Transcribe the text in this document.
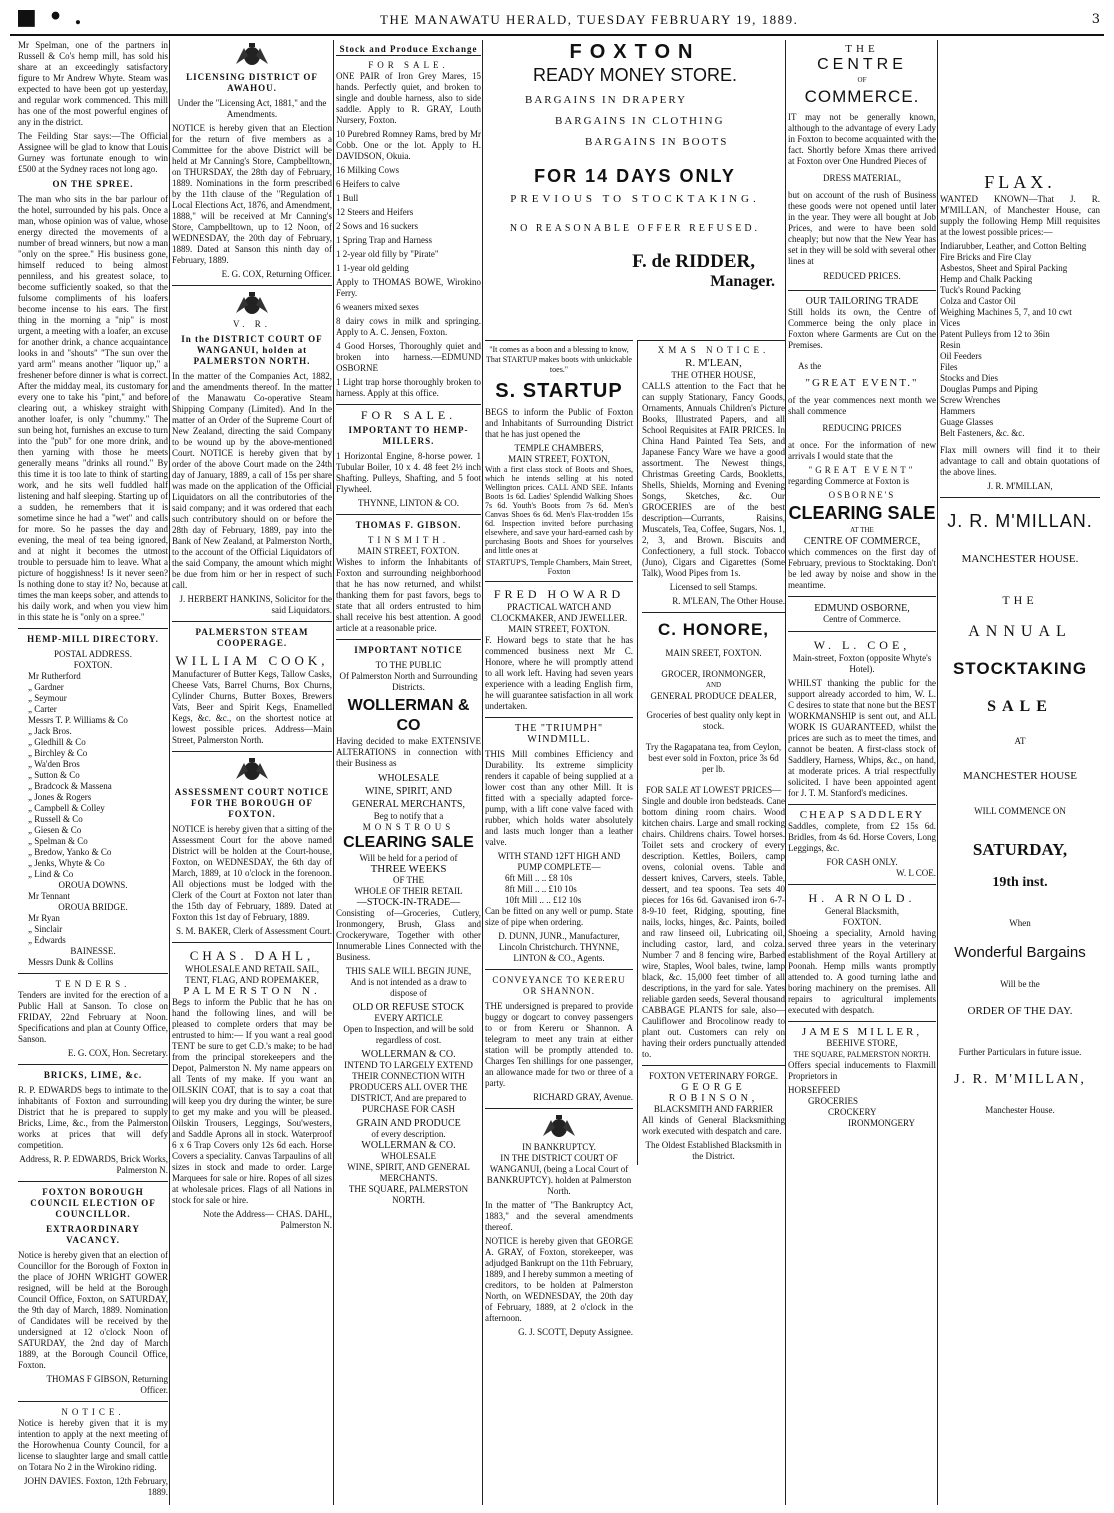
■ • .	THE MANAWATU HERALD, TUESDAY FEBRUARY 19, 1889.	3

Mr Spelman, one of the partners in Russell & Co's hemp mill, has sold his share at an exceedingly satisfactory figure to Mr Andrew Whyte. Steam was expected to have been got up yesterday, and regular work commenced. This mill has one of the most powerful engines of any in the district.

The Feilding Star says:—The Official Assignee will be glad to know that Louis Gurney was fortunate enough to win £500 at the Sydney races not long ago.

ON THE SPREE.

The man who sits in the bar parlour of the hotel, surrounded by his pals. Once a man, whose opinion was of value, whose energy directed the movements of a number of bread winners, but now a man "only on the spree." His business gone, himself reduced to being almost penniless, and his greatest solace, to become sufficiently soaked, so that the fulsome compliments of his loafers become incense to his ears. The first thing in the morning a "nip" is most urgent, a meeting with a loafer, an excuse for another drink, a chance acquaintance looks in and "shouts" "The sun over the yard arm" means another "liquor up," a freshener before dinner is what is correct. After the midday meal, its customary for every one to take his "pint," and before clearing out, a whiskey straight with another loafer, is only "chummy." The sun being hot, furnishes an excuse to turn into the "pub" for one more drink, and then yarning with those he meets generally means "drinks all round." By this time it is too late to think of starting work, and he sits well fuddled half listening and half sleeping. Starting up of a sudden, he remembers that it is sometime since he had a "wet" and calls for more. So he passes the day and evening, the meal of tea being ignored, and at night it becomes the utmost trouble to persuade him to leave. What a picture of hoggishness! Is it never seen? Is nothing done to stay it? No, because at times the man keeps sober, and attends to his daily work, and when you view him in this state he is "only on a spree."

HEMP-MILL DIRECTORY.
POSTAL ADDRESS.
FOXTON.
Mr Rutherford
„ Gardner
„ Seymour
„ Carter
Messrs T. P. Williams & Co
„ Jack Bros.
„ Gledhill & Co
„ Birchley & Co
„ Wa'den Bros
„ Sutton & Co
„ Bradcock & Massena
„ Jones & Rogers
„ Campbell & Colley
„ Russell & Co
„ Giesen & Co
„ Spelman & Co
„ Bredow, Yanko & Co
„ Jenks, Whyte & Co
„ Lind & Co
OROUA DOWNS.
Mr Tennant
OROUA BRIDGE.
Mr Ryan
„ Sinclair
„ Edwards
BAINESSE.
Messrs Dunk & Collins
TENDERS.

Tenders are invited for the erection of a Public Hall at Sanson. To close on FRIDAY, 22nd February at Noon. Specifications and plan at County Office, Sanson.

E. G. COX, Hon. Secretary.

BRICKS, LIME, &c.

R. P. EDWARDS begs to intimate to the inhabitants of Foxton and surrounding District that he is prepared to supply Bricks, Lime, &c., from the Palmerston works at prices that will defy competition.

Address, R. P. EDWARDS, Brick Works, Palmerston N.

FOXTON BOROUGH COUNCIL ELECTION OF COUNCILLOR.
EXTRAORDINARY VACANCY.

Notice is hereby given that an election of Councillor for the Borough of Foxton in the place of JOHN WRIGHT GOWER resigned, will be held at the Borough Council Office, Foxton, on SATURDAY, the 9th day of March, 1889. Nomination of Candidates will be received by the undersigned at 12 o'clock Noon of SATURDAY, the 2nd day of March 1889, at the Borough Council Office, Foxton.

THOMAS F GIBSON, Returning Officer.

NOTICE.

Notice is hereby given that it is my intention to apply at the next meeting of the Horowhenua County Council, for a license to slaughter large and small cattle on Totara No 2 in the Wirokino riding.

JOHN DAVIES. Foxton, 12th February, 1889.

LICENSING DISTRICT OF AWAHOU.

Under the "Licensing Act, 1881," and the Amendments.

NOTICE is hereby given that an Election for the return of five members as a Committee for the above District will be held at Mr Canning's Store, Campbelltown, on THURSDAY, the 28th day of February, 1889. Nominations in the form prescribed by the 11th clause of the "Regulation of Local Elections Act, 1876, and Amendment, 1888," will be received at Mr Canning's Store, Campbelltown, up to 12 Noon, of WEDNESDAY, the 20th day of February, 1889. Dated at Sanson this ninth day of February, 1889.

E. G. COX, Returning Officer.

V. R.
In the DISTRICT COURT OF WANGANUI, holden at PALMERSTON NORTH.

In the matter of the Companies Act, 1882, and the amendments thereof. In the matter of the Manawatu Co-operative Steam Shipping Company (Limited). And In the matter of an Order of the Supreme Court of New Zealand, directing the said Company to be wound up by the above-mentioned Court. NOTICE is hereby given that by order of the above Court made on the 24th day of January, 1889, a call of 15s per share was made on the application of the Official Liquidators on all the contributories of the said company; and it was ordered that each such contributory should on or before the 28th day of February, 1889, pay into the Bank of New Zealand, at Palmerston North, to the account of the Official Liquidators of the said Company, the amount which might be due from him or her in respect of such call.

J. HERBERT HANKINS, Solicitor for the said Liquidators.

PALMERSTON STEAM COOPERAGE.
WILLIAM COOK,

Manufacturer of Butter Kegs, Tallow Casks, Cheese Vats, Barrel Churns, Box Churns, Cylinder Churns, Butter Boxes, Brewers Vats, Beer and Spirit Kegs, Enamelled Kegs, &c. &c., on the shortest notice at lowest possible prices. Address—Main Street, Palmerston North.

ASSESSMENT COURT NOTICE FOR THE BOROUGH OF FOXTON.

NOTICE is hereby given that a sitting of the Assessment Court for the above named District will be holden at the Court-house, Foxton, on WEDNESDAY, the 6th day of March, 1889, at 10 o'clock in the forenoon. All objections must be lodged with the Clerk of the Court at Foxton not later than the 15th day of February, 1889. Dated at Foxton this 1st day of February, 1889.

S. M. BAKER, Clerk of Assessment Court.

CHAS. DAHL,
WHOLESALE AND RETAIL SAIL, TENT, FLAG, AND ROPEMAKER,
PALMERSTON N.

Begs to inform the Public that he has on hand the following lines, and will be pleased to complete orders that may be entrusted to him:— If you want a real good TENT be sure to get C.D.'s make; to be had from the principal storekeepers and the Depot, Palmerston N. My name appears on all Tents of my make. If you want an OILSKIN COAT, that is to say a coat that will keep you dry during the winter, be sure to get my make and you will be pleased. Oilskin Trousers, Leggings, Sou'westers, and Saddle Aprons all in stock. Waterproof 6 x 6 Trap Covers only 12s 6d each. Horse Covers a speciality. Canvas Tarpaulins of all sizes in stock and made to order. Large Marquees for sale or hire. Ropes of all sizes at wholesale prices. Flags of all Nations in stock for sale or hire.

Note the Address— CHAS. DAHL, Palmerston N.

Stock and Produce Exchange
FOR SALE.

ONE PAIR of Iron Grey Mares, 15 hands. Perfectly quiet, and broken to single and double harness, also to side saddle. Apply to R. GRAY, Louth Nursery, Foxton.

10 Purebred Romney Rams, bred by Mr Cobb. One or the lot. Apply to H. DAVIDSON, Okuia.

16 Milking Cows

6 Heifers to calve

1 Bull

12 Steers and Heifers

2 Sows and 16 suckers

1 Spring Trap and Harness

1 2-year old filly by "Pirate"

1 1-year old gelding

Apply to THOMAS BOWE, Wirokino Ferry.

6 weaners mixed sexes

8 dairy cows in milk and springing. Apply to A. C. Jensen, Foxton.

4 Good Horses, Thoroughly quiet and broken into harness.—EDMUND OSBORNE

1 Light trap horse thoroughly broken to harness. Apply at this office.

FOR SALE.
IMPORTANT TO HEMP-MILLERS.

1 Horizontal Engine, 8-horse power. 1 Tubular Boiler, 10 x 4. 48 feet 2½ inch Shafting. Pulleys, Shafting, and 5 foot Flywheel.

THYNNE, LINTON & CO.

THOMAS F. GIBSON.
TINSMITH.
MAIN STREET, FOXTON.

Wishes to inform the Inhabitants of Foxton and surrounding neighborhood that he has now returned, and whilst thanking them for past favors, begs to state that all orders entrusted to him shall receive his best attention. A good article at a reasonable price.

IMPORTANT NOTICE
TO THE PUBLIC

Of Palmerston North and Surrounding Districts.

WOLLERMAN & CO

Having decided to make EXTENSIVE ALTERATIONS in connection with their Business as

WHOLESALE
WINE, SPIRIT, AND
GENERAL MERCHANTS,
Beg to notify that a
MONSTROUS
CLEARING SALE
Will be held for a period of
THREE WEEKS
OF THE
WHOLE OF THEIR RETAIL
—STOCK-IN-TRADE—

Consisting of—Groceries, Cutlery, Ironmongery, Brush, Glass and Crockeryware, Together with other Innumerable Lines Connected with the Business.

THIS SALE WILL BEGIN JUNE,

And is not intended as a draw to dispose of

OLD OR REFUSE STOCK
EVERY ARTICLE

Open to Inspection, and will be sold regardless of cost.

WOLLERMAN & CO.

INTEND TO LARGELY EXTEND THEIR CONNECTION WITH PRODUCERS ALL OVER THE DISTRICT, And are prepared to PURCHASE FOR CASH

GRAIN AND PRODUCE
of every description.
WOLLERMAN & CO.
WHOLESALE
WINE, SPIRIT, AND GENERAL MERCHANTS.
THE SQUARE, PALMERSTON NORTH.
FOXTON
READY MONEY STORE.
BARGAINS IN DRAPERY
BARGAINS IN CLOTHING
BARGAINS IN BOOTS
FOR 14 DAYS ONLY
PREVIOUS TO STOCKTAKING.
NO REASONABLE OFFER REFUSED.
F. de RIDDER,
Manager.

"It comes as a boon and a blessing to know, That STARTUP makes boots with unkickable toes."

S. STARTUP

BEGS to inform the Public of Foxton and Inhabitants of Surrounding District that he has just opened the

TEMPLE CHAMBERS,
MAIN STREET, FOXTON,

With a first class stock of Boots and Shoes, which he intends selling at his noted Wellington prices. CALL AND SEE. Infants Boots 1s 6d. Ladies' Splendid Walking Shoes 7s 6d. Youth's Boots from 7s 6d. Men's Canvas Shoes 6s 6d. Men's Flax-trodden 15s 6d. Inspection invited before purchasing elsewhere, and save your hard-earned cash by purchasing Boots and Shoes for yourselves and little ones at

STARTUP'S, Temple Chambers, Main Street, Foxton

FRED HOWARD
PRACTICAL WATCH AND CLOCKMAKER, AND JEWELLER.
MAIN STREET, FOXTON.

F. Howard begs to state that he has commenced business next Mr C. Honore, where he will promptly attend to all work left. Having had seven years experience with a leading English firm, he will guarantee satisfaction in all work undertaken.

THE "TRIUMPH" WINDMILL.

THIS Mill combines Efficiency and Durability. Its extreme simplicity renders it capable of being supplied at a lower cost than any other Mill. It is fitted with a specially adapted force-pump, with a lift cone valve faced with rubber, which holds water absolutely and lasts much longer than a leather valve.

WITH STAND 12FT HIGH AND PUMP COMPLETE—
6ft Mill .. .. £8 10s
8ft Mill .. .. £10 10s
10ft Mill .. .. £12 10s

Can be fitted on any well or pump. State size of pipe when ordering.

D. DUNN, JUNR., Manufacturer, Lincoln Christchurch. THYNNE, LINTON & CO., Agents.

CONVEYANCE TO KERERU OR SHANNON.

THE undersigned is prepared to provide buggy or dogcart to convey passengers to or from Kereru or Shannon. A telegram to meet any train at either station will be promptly attended to. Charges Ten shillings for one passenger, an allowance made for two or three of a party.

RICHARD GRAY, Avenue.

IN BANKRUPTCY.

IN THE DISTRICT COURT OF WANGANUI, (being a Local Court of BANKRUPTCY). holden at Palmerston North.

In the matter of "The Bankruptcy Act, 1883," and the several amendments thereof.

NOTICE is hereby given that GEORGE A. GRAY, of Foxton, storekeeper, was adjudged Bankrupt on the 11th February, 1889, and I hereby summon a meeting of creditors, to be holden at Palmerston North, on WEDNESDAY, the 20th day of February, 1889, at 2 o'clock in the afternoon.

G. J. SCOTT, Deputy Assignee.

XMAS NOTICE.
R. M'LEAN,
THE OTHER HOUSE,

CALLS attention to the Fact that he can supply Stationary, Fancy Goods, Ornaments, Annuals Children's Picture Books, Illustrated Papers, and all School Requisites at FAIR PRICES. In China Hand Painted Tea Sets, and Japanese Fancy Ware we have a good assortment. The Newest things, Christmas Greeting Cards, Bookletts, Shells, Shields, Morning and Evening Songs, Sketches, &c. Our GROCERIES are of the best description—Currants, Raisins, Muscatels, Tea, Coffee, Sugars, Nos. 1, 2, 3, and Brown. Biscuits and Confectionery, a full stock. Tobacco (Juno), Cigars and Cigarettes (Some Talk), Wood Pipes from 1s.

Licensed to sell Stamps.

R. M'LEAN, The Other House.

C. HONORE,
MAIN SREET, FOXTON.
GROCER, IRONMONGER,
AND
GENERAL PRODUCE DEALER,

Groceries of best quality only kept in stock.

Try the Ragapatana tea, from Ceylon, best ever sold in Foxton, price 3s 6d per lb.

FOR SALE AT LOWEST PRICES—

Single and double iron bedsteads. Cane bottom dining room chairs. Wood kitchen chairs. Large and small rocking chairs. Childrens chairs. Towel horses. Toilet sets and crockery of every description. Kettles, Boilers, camp ovens, colonial ovens. Table and dessert knives, Carvers, steels. Table, dessert, and tea spoons. Tea sets 40 pieces for 16s 6d. Gavanised iron 6-7-8-9-10 feet, Ridging, spouting, fine nails, locks, hinges, &c. Paints, boiled and raw linseed oil, Lubricating oil, including castor, lard, and colza. Number 7 and 8 fencing wire, Barbed wire, Staples, Wool bales, twine, lamp black, &c. 15,000 feet timber of all descriptions, in the yard for sale. Yates reliable garden seeds, Several thousand CABBAGE PLANTS for sale, also— Cauliflower and Brocolinow ready to plant out. Customers can rely on having their orders punctually attended to.

FOXTON VETERINARY FORGE.
GEORGE ROBINSON,
BLACKSMITH AND FARRIER

All kinds of General Blacksmithing work executed with despatch and care.

The Oldest Established Blacksmith in the District.

THE
CENTRE
OF
COMMERCE.

IT may not be generally known, although to the advantage of every Lady in Foxton to become acquainted with the fact. Shortly before Xmas there arrived at Foxton over One Hundred Pieces of

DRESS MATERIAL,

but on account of the rush of Business these goods were not opened until later in the year. They were all bought at Job Prices, and were to have been sold cheaply; but now that the New Year has set in they will be sold with several other lines at

REDUCED PRICES.
OUR TAILORING TRADE

Still holds its own, the Centre of Commerce being the only place in Foxton where Garments are Cut on the Premises.

As the
"GREAT EVENT."

of the year commences next month we shall commence

REDUCING PRICES

at once. For the information of new arrivals I would state that the

"GREAT EVENT"

regarding Commerce at Foxton is

OSBORNE'S
CLEARING SALE
AT THE
CENTRE OF COMMERCE,

which commences on the first day of February, previous to Stocktaking. Don't be led away by noise and show in the meantime.

EDMUND OSBORNE,
Centre of Commerce.
W. L. COE,

Main-street, Foxton (opposite Whyte's Hotel).

WHILST thanking the public for the support already accorded to him, W. L. C desires to state that none but the BEST WORKMANSHIP is sent out, and ALL WORK IS GUARANTEED, whilst the prices are such as to meet the times, and cannot be beaten. A first-class stock of Saddlery, Harness, Whips, &c., on hand, at moderate prices. A trial respectfully solicited. I have been appointed agent for J. T. M. Stanford's medicines.

CHEAP SADDLERY

Saddles, complete, from £2 15s 6d. Bridles, from 4s 6d. Horse Covers, Long Leggings, &c.

FOR CASH ONLY.

W. L COE.

H. ARNOLD.
General Blacksmith,
FOXTON.

Shoeing a speciality, Arnold having served three years in the veterinary establishment of the Royal Artillery at Poonah. Hemp mills wants promptly attended to. A good turning lathe and boring machinery on the premises. All repairs to agricultural implements executed with despatch.

JAMES MILLER,
BEEHIVE STORE,
THE SQUARE, PALMERSTON NORTH.

Offers special inducements to Flaxmill Proprietors in

HORSEFEED
GROCERIES
CROCKERY
IRONMONGERY
FLAX.

WANTED KNOWN—That J. R. M'MILLAN, of Manchester House, can supply the following Hemp Mill requisites at the lowest possible prices:—

Indiarubber, Leather, and Cotton Belting
Fire Bricks and Fire Clay
Asbestos, Sheet and Spiral Packing
Hemp and Chalk Packing
Tuck's Round Packing
Colza and Castor Oil
Weighing Machines 5, 7, and 10 cwt
Vices
Patent Pulleys from 12 to 36in
Resin
Oil Feeders
Files
Stocks and Dies
Douglas Pumps and Piping
Screw Wrenches
Hammers
Guage Glasses
Belt Fasteners, &c. &c.

Flax mill owners will find it to their advantage to call and obtain quotations of the above lines.

J. R. M'MILLAN,
J. R. M'MILLAN.
MANCHESTER HOUSE.
THE
ANNUAL
STOCKTAKING
SALE
AT
MANCHESTER HOUSE
WILL COMMENCE ON
SATURDAY,
19th inst.
When
Wonderful Bargains
Will be the
ORDER OF THE DAY.
Further Particulars in future issue.
J. R. M'MILLAN,
Manchester House.
